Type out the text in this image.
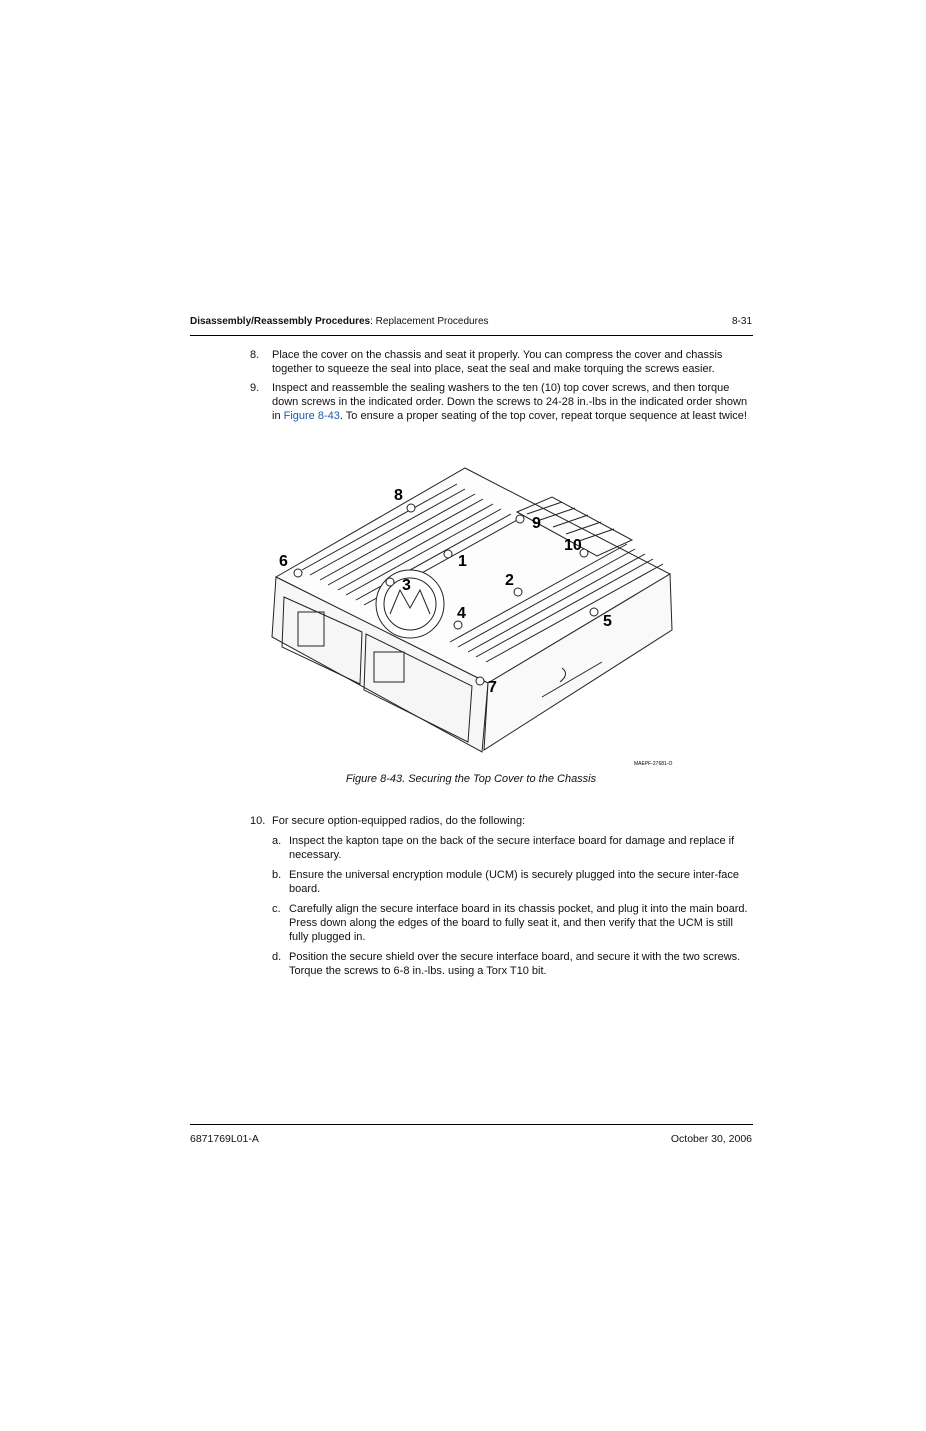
Disassembly/Reassembly Procedures: Replacement Procedures	8-31
8.	Place the cover on the chassis and seat it properly. You can compress the cover and chassis together to squeeze the seal into place, seat the seal and make torquing the screws easier.
9.	Inspect and reassemble the sealing washers to the ten (10) top cover screws, and then torque down screws in the indicated order. Down the screws to 24-28 in.-lbs in the indicated order shown in Figure 8-43. To ensure a proper seating of the top cover, repeat torque sequence at least twice!
1
2
3
4	5
6
7
8
9
10
MAEPF-27681-O
Figure 8-43. Securing the Top Cover to the Chassis
10. For secure option-equipped radios, do the following:
a. Inspect the kapton tape on the back of the secure interface board for damage and replace if necessary.
b. Ensure the universal encryption module (UCM) is securely plugged into the secure inter-face board.
c. Carefully align the secure interface board in its chassis pocket, and plug it into the main board. Press down along the edges of the board to fully seat it, and then verify that the UCM is still fully plugged in.
d. Position the secure shield over the secure interface board, and secure it with the two screws. Torque the screws to 6-8 in.-lbs. using a Torx T10 bit.
6871769L01-A	October 30, 2006
